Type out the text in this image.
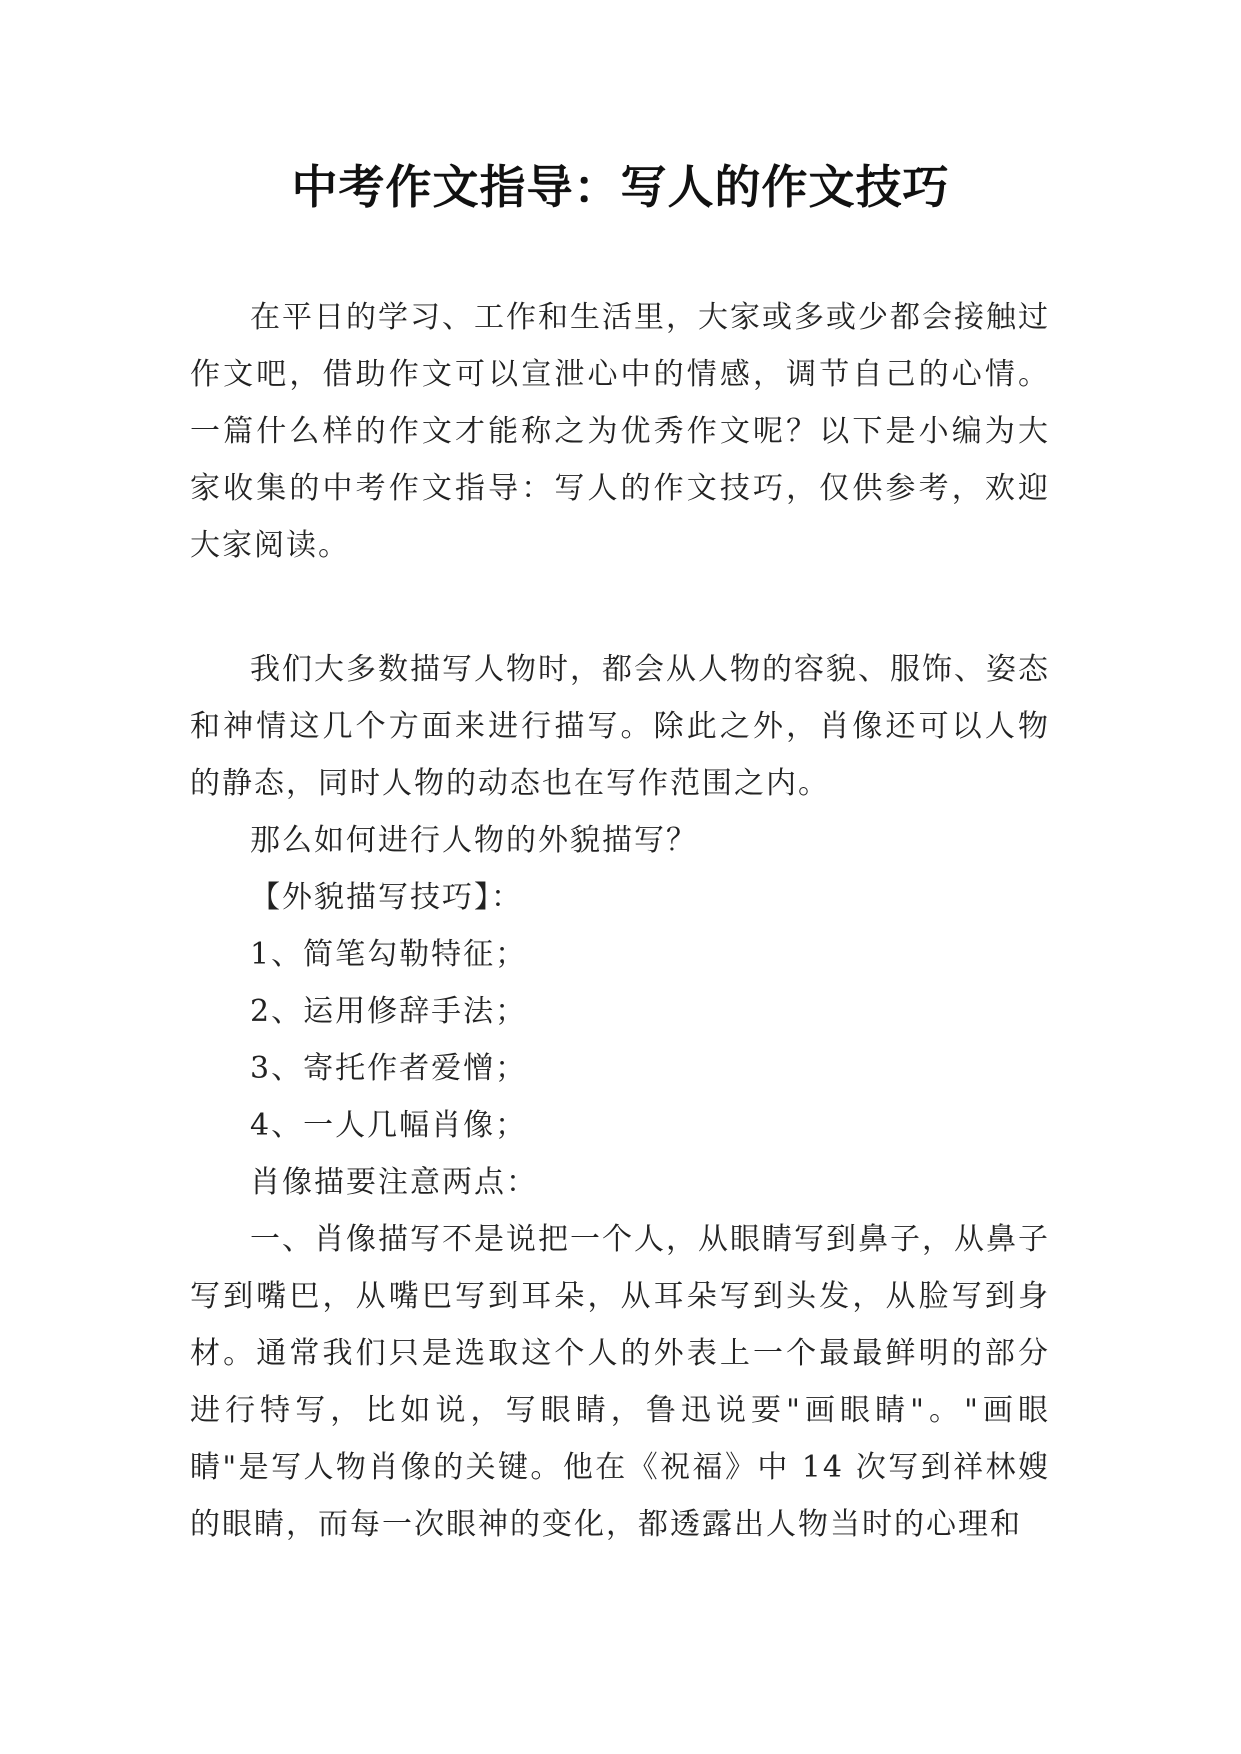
中考作文指导：写人的作文技巧

在平日的学习、工作和生活里，大家或多或少都会接触过作文吧，借助作文可以宣泄心中的情感，调节自己的心情。一篇什么样的作文才能称之为优秀作文呢？以下是小编为大家收集的中考作文指导：写人的作文技巧，仅供参考，欢迎大家阅读。

我们大多数描写人物时，都会从人物的容貌、服饰、姿态和神情这几个方面来进行描写。除此之外，肖像还可以人物的静态，同时人物的动态也在写作范围之内。

那么如何进行人物的外貌描写？

【外貌描写技巧】：

1、简笔勾勒特征；

2、运用修辞手法；

3、寄托作者爱憎；

4、一人几幅肖像；

肖像描要注意两点：

一、肖像描写不是说把一个人，从眼睛写到鼻子，从鼻子写到嘴巴，从嘴巴写到耳朵，从耳朵写到头发，从脸写到身材。通常我们只是选取这个人的外表上一个最最鲜明的部分进行特写，比如说，写眼睛，鲁迅说要"画眼睛"。"画眼睛"是写人物肖像的关键。他在《祝福》中 14 次写到祥林嫂的眼睛，而每一次眼神的变化，都透露出人物当时的心理和
